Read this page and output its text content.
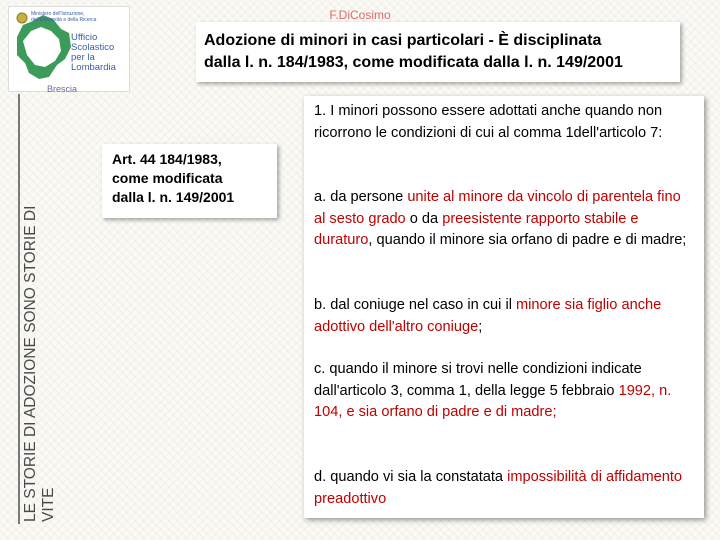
F.DiCosimo
Ministero dell'Istruzione,
dell'Università e della Ricerca
Ufficio
Scolastico
per la
Lombardia
Brescia
Adozione di minori in casi particolari - È disciplinata
dalla l. n. 184/1983, come modificata dalla l. n. 149/2001
LE STORIE DI ADOZIONE SONO STORIE DI VITE
Art. 44 184/1983,
come modificata
dalla l. n. 149/2001

1. I minori possono essere adottati anche quando non ricorrono le condizioni di cui al comma 1dell'articolo 7:

a. da persone unite al minore da vincolo di parentela fino al sesto grado o da preesistente rapporto stabile e duraturo, quando il minore sia orfano di padre e di madre;

b. dal coniuge nel caso in cui il minore sia figlio anche adottivo dell'altro coniuge;

c. quando il minore si trovi nelle condizioni indicate dall'articolo 3, comma 1, della legge 5 febbraio 1992, n. 104, e sia orfano di padre e di madre;

d. quando vi sia la constatata impossibilità di affidamento preadottivo
